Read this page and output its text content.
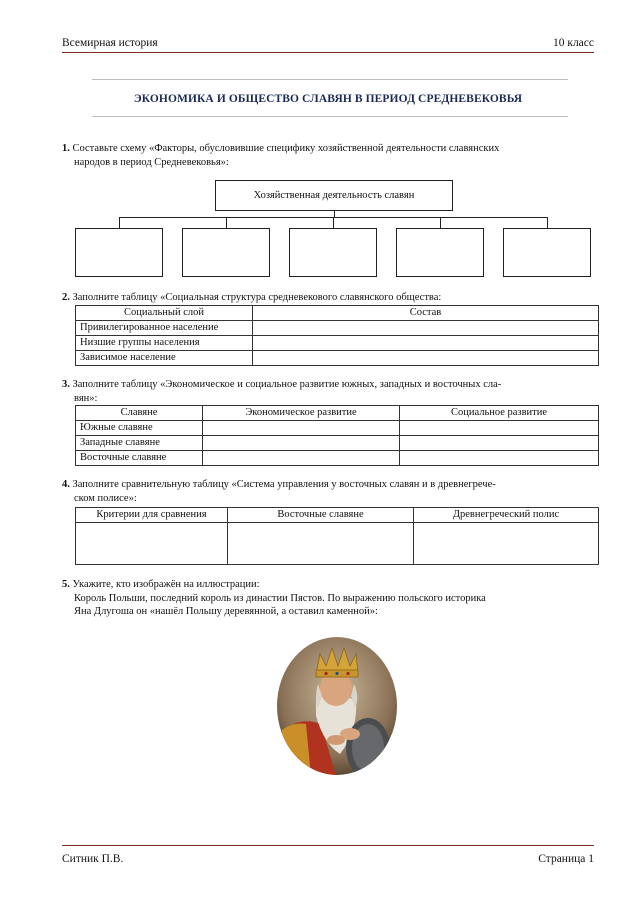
Всемирная история	10 класс
ЭКОНОМИКА И ОБЩЕСТВО СЛАВЯН В ПЕРИОД СРЕДНЕВЕКОВЬЯ
1. Составьте схему «Факторы, обусловившие специфику хозяйственной деятельности славянских
народов в период Средневековья»:
Хозяйственная деятельность славян
2. Заполните таблицу «Социальная структура средневекового славянского общества:
Социальный слой	Состав
Привилегированное население	
Низшие группы населения	
Зависимое население	
3. Заполните таблицу «Экономическое и социальное развитие южных, западных и восточных сла-
вян»:
Славяне	Экономическое развитие	Социальное развитие
Южные славяне		
Западные славяне		
Восточные славяне		
4. Заполните сравнительную таблицу «Система управления у восточных славян и в древнегрече-
ском полисе»:
Критерии для сравнения	Восточные славяне	Древнегреческий полис

5. Укажите, кто изображён на иллюстрации:
Король Польши, последний король из династии Пястов. По выражению польского историка
Яна Длугоша он «нашёл Польшу деревянной, а оставил каменной»:
Ситник П.В.	Страница 1
